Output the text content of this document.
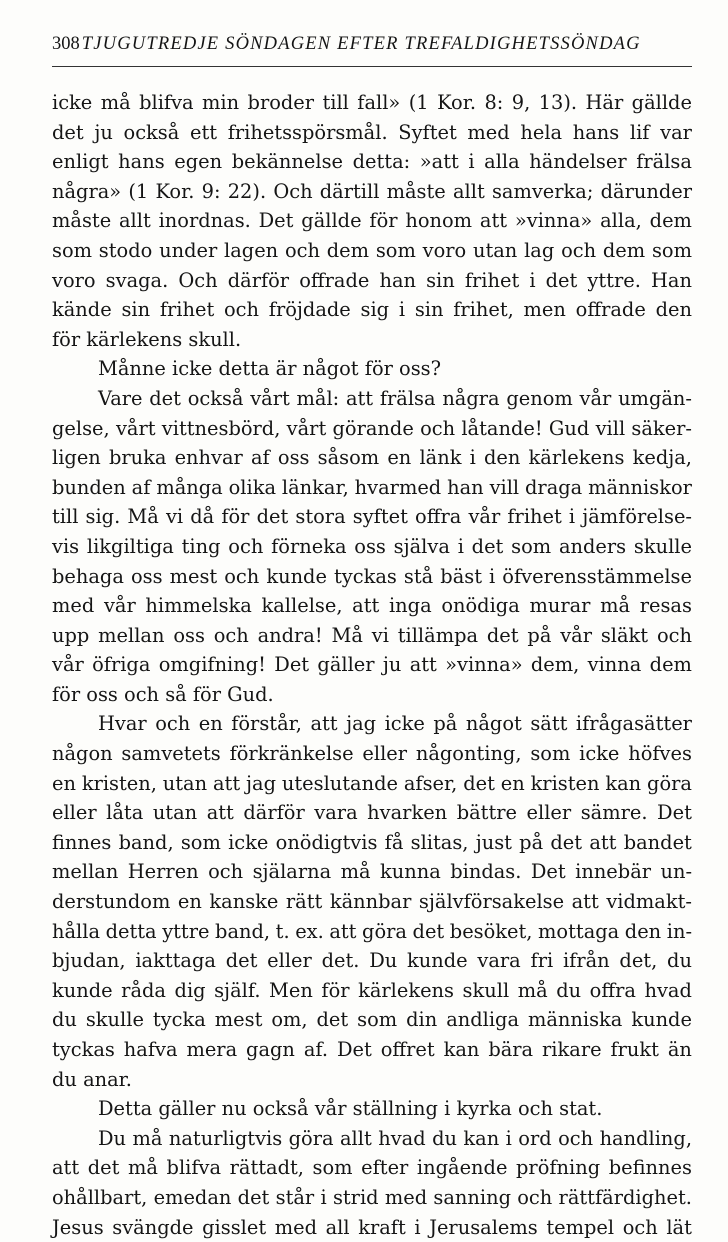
308 TJUGUTREDJE SÖNDAGEN EFTER TREFALDIGHETSSÖNDAG
icke må blifva min broder till fall» (1 Kor. 8: 9, 13). Här gällde
det ju också ett frihetsspörsmål. Syftet med hela hans lif var
enligt hans egen bekännelse detta: »att i alla händelser frälsa
några» (1 Kor. 9: 22). Och därtill måste allt samverka; därunder
måste allt inordnas. Det gällde för honom att »vinna» alla, dem
som stodo under lagen och dem som voro utan lag och dem som
voro svaga. Och därför offrade han sin frihet i det yttre. Han
kände sin frihet och fröjdade sig i sin frihet, men offrade den
för kärlekens skull.
Månne icke detta är något för oss?
Vare det också vårt mål: att frälsa några genom vår umgän-
gelse, vårt vittnesbörd, vårt görande och låtande! Gud vill säker-
ligen bruka enhvar af oss såsom en länk i den kärlekens kedja,
bunden af många olika länkar, hvarmed han vill draga människor
till sig. Må vi då för det stora syftet offra vår frihet i jämförelse-
vis likgiltiga ting och förneka oss själva i det som anders skulle
behaga oss mest och kunde tyckas stå bäst i öfverensstämmelse
med vår himmelska kallelse, att inga onödiga murar må resas
upp mellan oss och andra! Må vi tillämpa det på vår släkt och
vår öfriga omgifning! Det gäller ju att »vinna» dem, vinna dem
för oss och så för Gud.
Hvar och en förstår, att jag icke på något sätt ifrågasätter
någon samvetets förkränkelse eller någonting, som icke höfves
en kristen, utan att jag uteslutande afser, det en kristen kan göra
eller låta utan att därför vara hvarken bättre eller sämre. Det
finnes band, som icke onödigtvis få slitas, just på det att bandet
mellan Herren och själarna må kunna bindas. Det innebär un-
derstundom en kanske rätt kännbar självförsakelse att vidmakt-
hålla detta yttre band, t. ex. att göra det besöket, mottaga den in-
bjudan, iakttaga det eller det. Du kunde vara fri ifrån det, du
kunde råda dig själf. Men för kärlekens skull må du offra hvad
du skulle tycka mest om, det som din andliga människa kunde
tyckas hafva mera gagn af. Det offret kan bära rikare frukt än
du anar.
Detta gäller nu också vår ställning i kyrka och stat.
Du må naturligtvis göra allt hvad du kan i ord och handling,
att det må blifva rättadt, som efter ingående pröfning befinnes
ohållbart, emedan det står i strid med sanning och rättfärdighet.
Jesus svängde gisslet med all kraft i Jerusalems tempel och lät
